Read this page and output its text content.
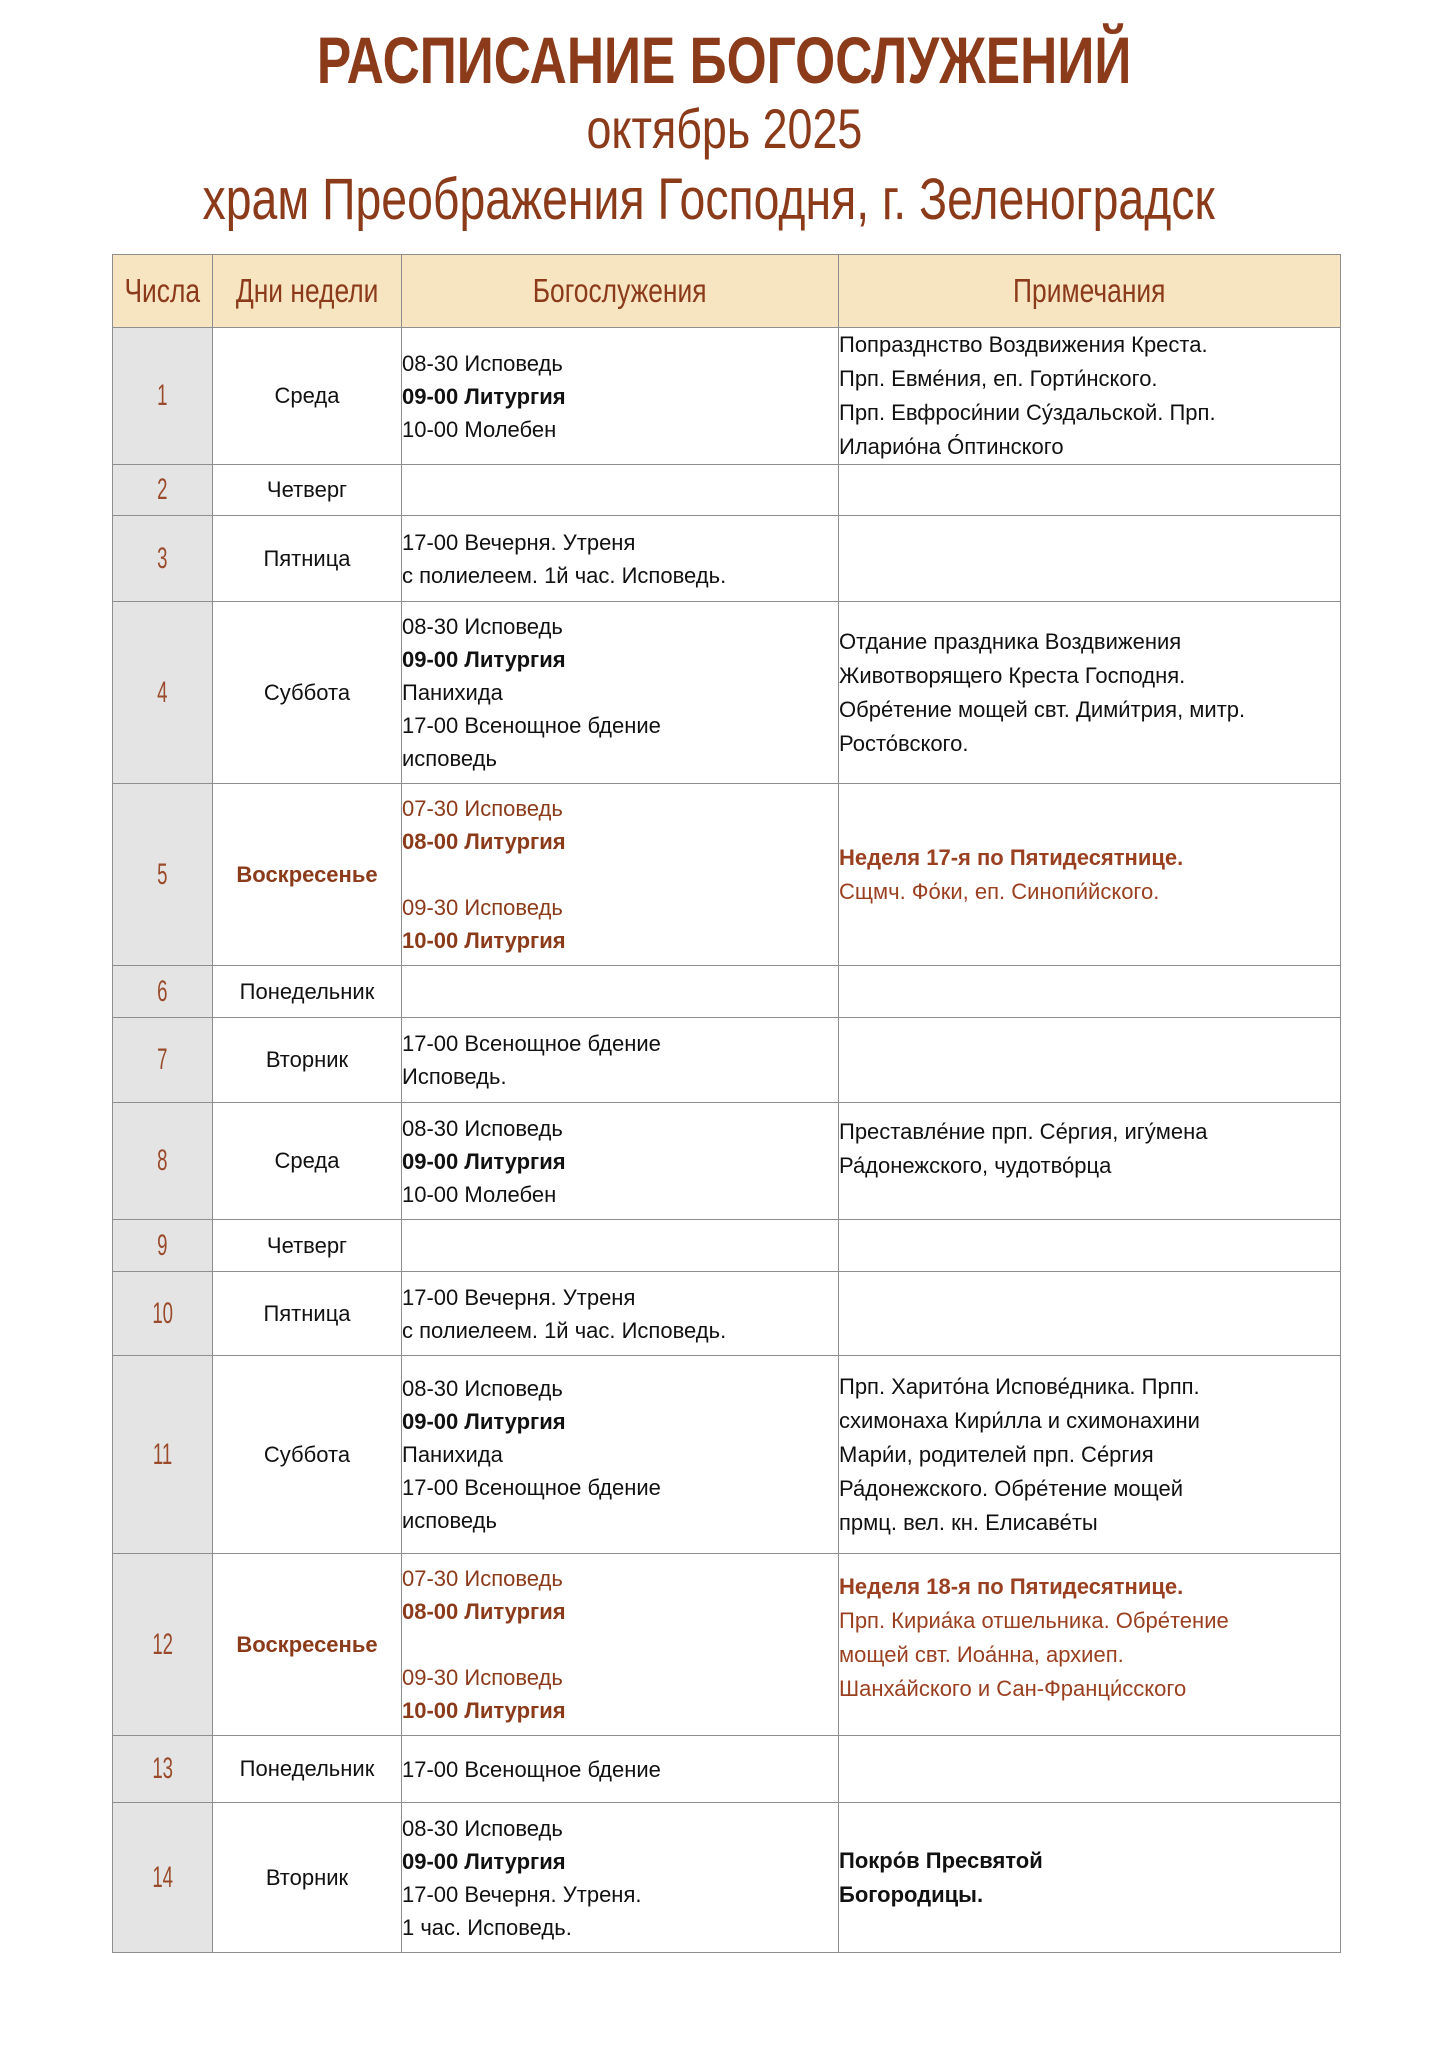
РАСПИСАНИЕ БОГОСЛУЖЕНИЙ
октябрь 2025
храм Преображения Господня, г. Зеленоградск
Числа	Дни недели	Богослужения	Примечания
1	Среда	08-30 Исповедь
09-00 Литургия
10-00 Молебен	Попразднство Воздвижения Креста.
Прп. Евме́ния, еп. Горти́нского.
Прп. Евфроси́нии Су́здальской. Прп.
Иларио́на О́птинского

2	Четверг		
3	Пятница	17-00 Вечерня. Утреня
с полиелеем. 1й час. Исповедь.	

4	Суббота	08-30 Исповедь
09-00 Литургия
Панихида
17-00 Всенощное бдение
исповедь	Отдание праздника Воздвижения
Животворящего Креста Господня.
Обре́тение мощей свт. Дими́трия, митр.
Росто́вского.

5	Воскресенье	07-30 Исповедь
08-00 Литургия
09-30 Исповедь
10-00 Литургия	Неделя 17-я по Пятидесятнице.
Сщмч. Фо́ки, еп. Синопи́йского.

6	Понедельник		
7	Вторник	17-00 Всенощное бдение
Исповедь.	

8	Среда	08-30 Исповедь
09-00 Литургия
10-00 Молебен	Преставле́ние прп. Се́ргия, игу́мена
Ра́донежского, чудотво́рца

9	Четверг		
10	Пятница	17-00 Вечерня. Утреня
с полиелеем. 1й час. Исповедь.	

11	Суббота	08-30 Исповедь
09-00 Литургия
Панихида
17-00 Всенощное бдение
исповедь	Прп. Харито́на Испове́дника. Прпп.
схимонаха Кири́лла и схимонахини
Мари́и, родителей прп. Се́ргия
Ра́донежского. Обре́тение мощей
прмц. вел. кн. Елисаве́ты

12	Воскресенье	07-30 Исповедь
08-00 Литургия
09-30 Исповедь
10-00 Литургия	Неделя 18-я по Пятидесятнице.
Прп. Кириа́ка отшельника. Обре́тение
мощей свт. Иоа́нна, архиеп.
Шанха́йского и Сан-Франци́сского

13	Понедельник	17-00 Всенощное бдение	

14	Вторник	08-30 Исповедь
09-00 Литургия
17-00 Вечерня. Утреня.
1 час. Исповедь.	Покро́в Пресвятой
Богородицы.
